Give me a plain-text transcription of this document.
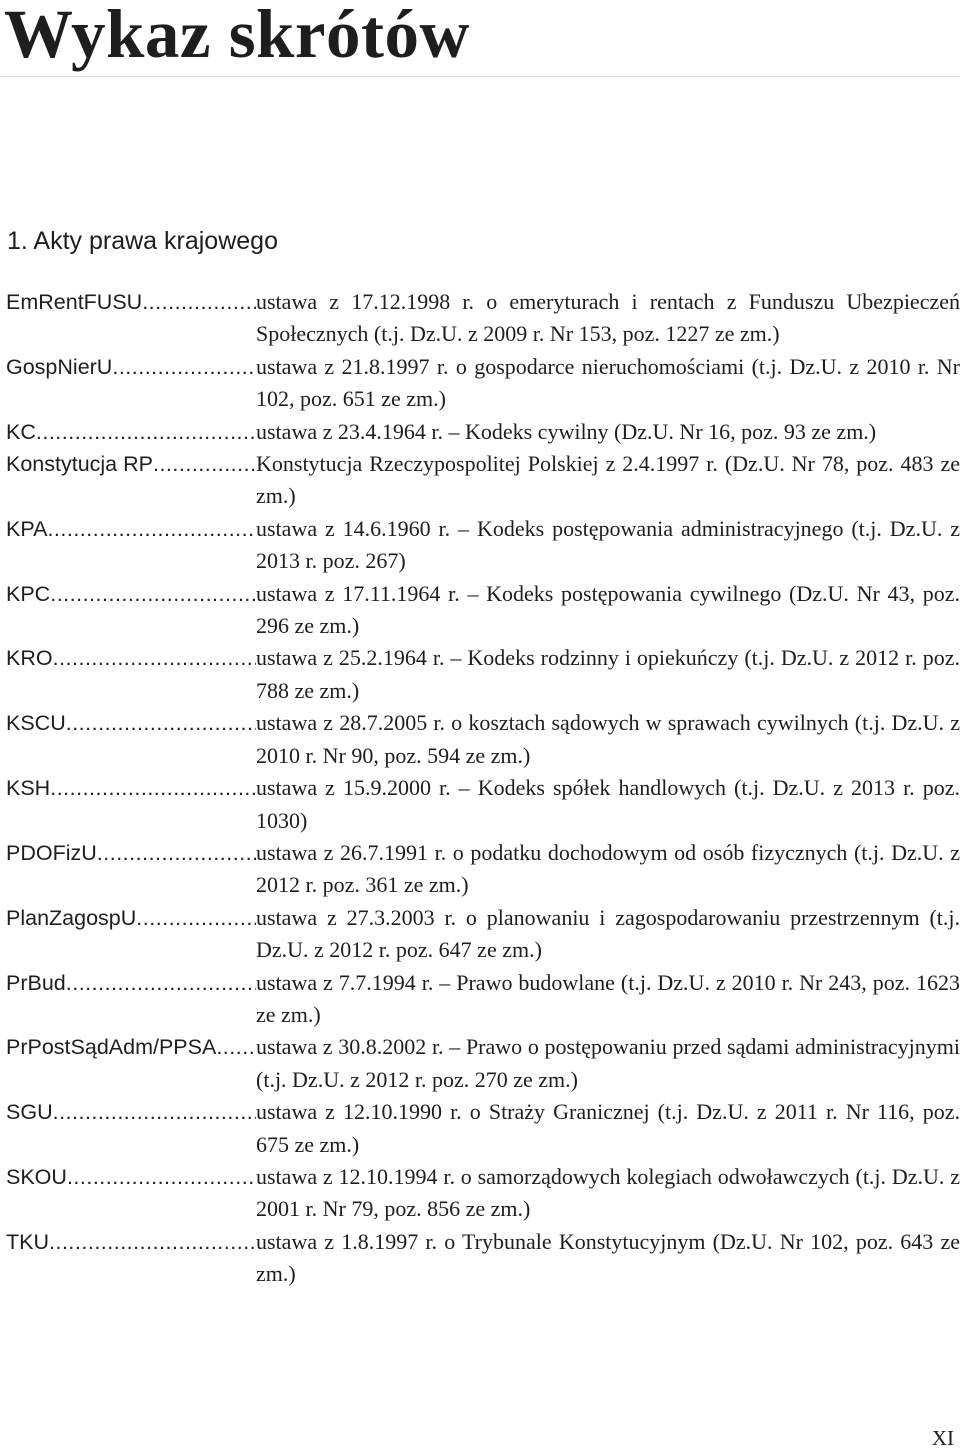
Wykaz skrótów
1. Akty prawa krajowego
EmRentFUSU .....	ustawa z 17.12.1998 r. o emeryturach i rentach z Funduszu Ubezpieczeń Społecznych (t.j. Dz.U. z 2009 r. Nr 153, poz. 1227 ze zm.)
GospNierU .....	ustawa z 21.8.1997 r. o gospodarce nieruchomościami (t.j. Dz.U. z 2010 r. Nr 102, poz. 651 ze zm.)
KC .....	ustawa z 23.4.1964 r. – Kodeks cywilny (Dz.U. Nr 16, poz. 93 ze zm.)
Konstytucja RP .....	Konstytucja Rzeczypospolitej Polskiej z 2.4.1997 r. (Dz.U. Nr 78, poz. 483 ze zm.)
KPA .....	ustawa z 14.6.1960 r. – Kodeks postępowania administracyjnego (t.j. Dz.U. z 2013 r. poz. 267)
KPC .....	ustawa z 17.11.1964 r. – Kodeks postępowania cywilnego (Dz.U. Nr 43, poz. 296 ze zm.)
KRO .....	ustawa z 25.2.1964 r. – Kodeks rodzinny i opiekuńczy (t.j. Dz.U. z 2012 r. poz. 788 ze zm.)
KSCU .....	ustawa z 28.7.2005 r. o kosztach sądowych w sprawach cywilnych (t.j. Dz.U. z 2010 r. Nr 90, poz. 594 ze zm.)
KSH .....	ustawa z 15.9.2000 r. – Kodeks spółek handlowych (t.j. Dz.U. z 2013 r. poz. 1030)
PDOFizU .....	ustawa z 26.7.1991 r. o podatku dochodowym od osób fizycznych (t.j. Dz.U. z 2012 r. poz. 361 ze zm.)
PlanZagospU .....	ustawa z 27.3.2003 r. o planowaniu i zagospodarowaniu przestrzennym (t.j. Dz.U. z 2012 r. poz. 647 ze zm.)
PrBud .....	ustawa z 7.7.1994 r. – Prawo budowlane (t.j. Dz.U. z 2010 r. Nr 243, poz. 1623 ze zm.)
PrPostSądAdm/PPSA ..... ustawa z 30.8.2002 r. – Prawo o postępowaniu przed sądami administracyjnymi (t.j. Dz.U. z 2012 r. poz. 270 ze zm.)
SGU .....	ustawa z 12.10.1990 r. o Straży Granicznej (t.j. Dz.U. z 2011 r. Nr 116, poz. 675 ze zm.)
SKOU .....	ustawa z 12.10.1994 r. o samorządowych kolegiach odwoławczych (t.j. Dz.U. z 2001 r. Nr 79, poz. 856 ze zm.)
TKU .....	ustawa z 1.8.1997 r. o Trybunale Konstytucyjnym (Dz.U. Nr 102, poz. 643 ze zm.)
XI
